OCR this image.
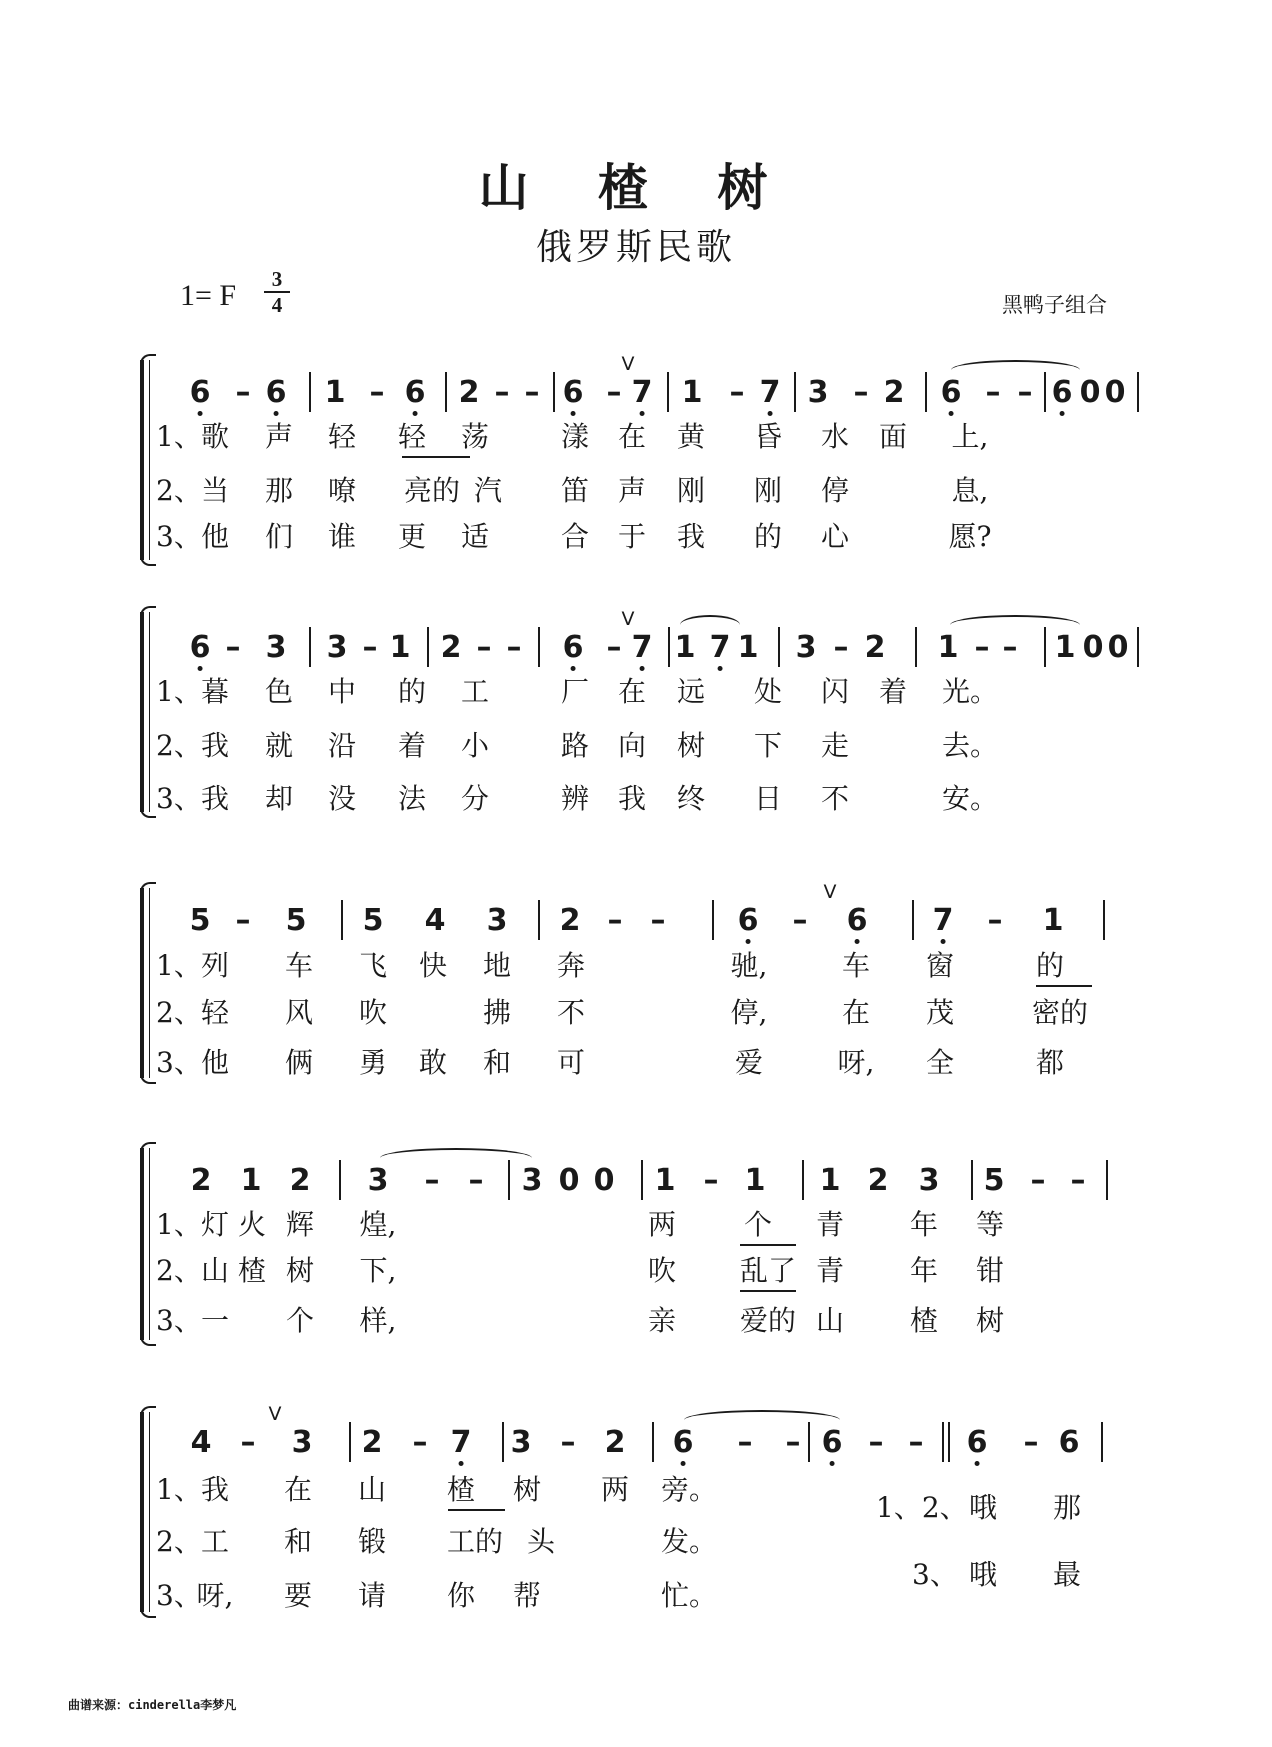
山 楂 树
俄罗斯民歌
1= F	3
4	黑鸭子组合
曲谱来源：cinderella李梦凡
6 – 6 1 – 6 2 – – 6 – 7 1 – 7 3 – 2 6 – – 6 0 0
V
1、 歌 声 轻 轻 荡	漾 在 黄 昏 水 面 上,
2、 当 那 嘹 亮的 汽 笛 声 刚 刚 停	息,
3、 他 们 谁 更 适	合 于 我 的 心	愿?
6 – 3 3 – 1 2 – – 6 – 7 1 7 1 3 – 2 1 – – 1 0 0
V
1、 暮 色 中 的 工	厂 在 远 处 闪 着 光。
2、 我 就 沿 着 小	路 向 树 下 走	去。
3、 我 却 没 法 分	辨 我 终 日 不	安。
5 – 5 5 4 3 2 – – 6 – 6 7 – 1
V
1、 列 车 飞 快 地 奔	驰,	车 窗	的
2、 轻 风 吹	拂 不	停,	在 茂	密的
3、 他 俩 勇 敢 和 可	爱	呀, 全	都
2 1 2 3 – – 3 0 0 1 – 1 1 2 3 5 – –
1、 灯 火 辉 煌,	两 个 青 年 等
2、 山 楂 树 下,	吹 乱了 青 年 钳
3、 一 个 样,	亲 爱的 山 楂 树
4 – 3 2 – 7 3 – 2 6 – – 6 – – 6 – 6
V
1、 我 在 山 楂 树 两 旁。
2、 工 和 锻 工的 头	发。
3、
呀, 要 请 你 帮	忙。
1、2、 哦 那
3、 哦 最
